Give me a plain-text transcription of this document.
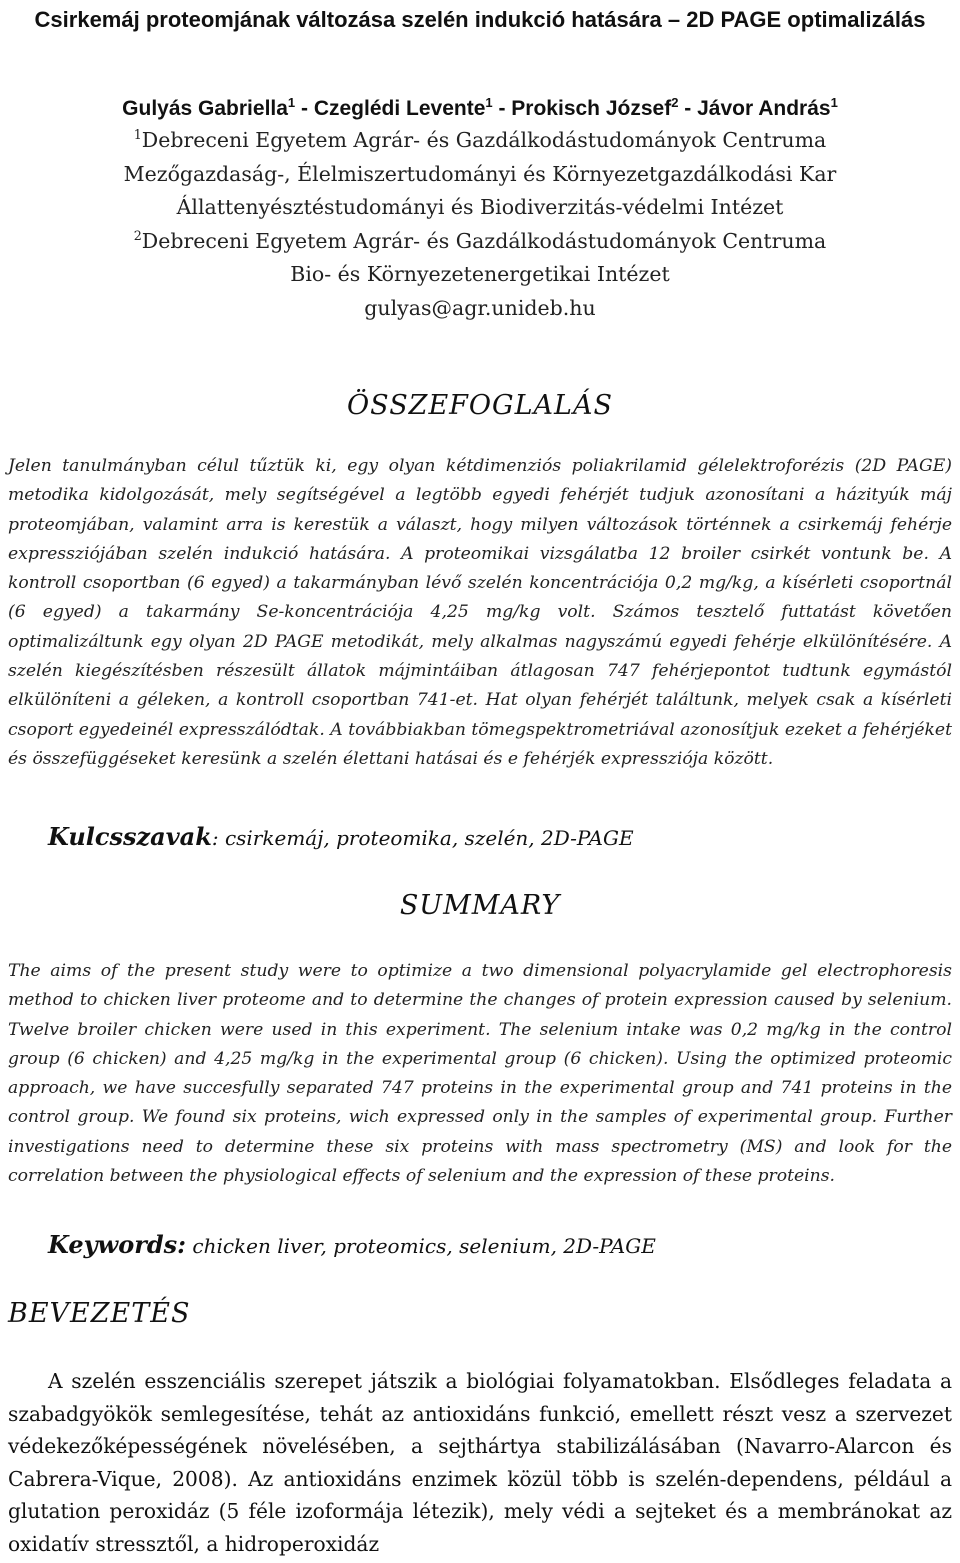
Csirkemáj proteomjának változása szelén indukció hatására – 2D PAGE optimalizálás
Gulyás Gabriella$^1$ - Czeglédi Levente$^1$ - Prokisch József$^2$ - Jávor András$^1$
$^1$Debreceni Egyetem Agrár- és Gazdálkodástudományok Centruma
Mezőgazdaság-, Élelmiszertudományi és Környezetgazdálkodási Kar
Állattenyésztéstudományi és Biodiverzitás-védelmi Intézet
$^2$Debreceni Egyetem Agrár- és Gazdálkodástudományok Centruma
Bio- és Környezetenergetikai Intézet
gulyas@agr.unideb.hu
ÖSSZEFOGLALÁS
Jelen tanulmányban célul tűztük ki, egy olyan kétdimenziós poliakrilamid gélelektroforézis (2D PAGE) metodika kidolgozását, mely segítségével a legtöbb egyedi fehérjét tudjuk azonosítani a házityúk máj proteomjában, valamint arra is kerestük a választ, hogy milyen változások történnek a csirkemáj fehérje expressziójában szelén indukció hatására. A proteomikai vizsgálatba 12 broiler csirkét vontunk be. A kontroll csoportban (6 egyed) a takarmányban lévő szelén koncentrációja 0,2 mg/kg, a kísérleti csoportnál (6 egyed) a takarmány Se-koncentrációja 4,25 mg/kg volt. Számos tesztelő futtatást követően optimalizáltunk egy olyan 2D PAGE metodikát, mely alkalmas nagyszámú egyedi fehérje elkülönítésére. A szelén kiegészítésben részesült állatok májmintáiban átlagosan 747 fehérjepontot tudtunk egymástól elkülöníteni a géleken, a kontroll csoportban 741-et. Hat olyan fehérjét találtunk, melyek csak a kísérleti csoport egyedeinél expresszálódtak. A továbbiakban tömegspektrometriával azonosítjuk ezeket a fehérjéket és összefüggéseket keresünk a szelén élettani hatásai és e fehérjék expressziója között.
Kulcsszavak: csirkemáj, proteomika, szelén, 2D-PAGE
SUMMARY
The aims of the present study were to optimize a two dimensional polyacrylamide gel electrophoresis method to chicken liver proteome and to determine the changes of protein expression caused by selenium. Twelve broiler chicken were used in this experiment. The selenium intake was 0,2 mg/kg in the control group (6 chicken) and 4,25 mg/kg in the experimental group (6 chicken). Using the optimized proteomic approach, we have succesfully separated 747 proteins in the experimental group and 741 proteins in the control group. We found six proteins, wich expressed only in the samples of experimental group. Further investigations need to determine these six proteins with mass spectrometry (MS) and look for the correlation between the physiological effects of selenium and the expression of these proteins.
Keywords: chicken liver, proteomics, selenium, 2D-PAGE
BEVEZETÉS
A szelén esszenciális szerepet játszik a biológiai folyamatokban. Elsődleges feladata a szabadgyökök semlegesítése, tehát az antioxidáns funkció, emellett részt vesz a szervezet védekezőképességének növelésében, a sejthártya stabilizálásában (Navarro-Alarcon és Cabrera-Vique, 2008). Az antioxidáns enzimek közül több is szelén-dependens, például a glutation peroxidáz (5 féle izoformája létezik), mely védi a sejteket és a membránokat az oxidatív stressztől, a hidroperoxidáz
